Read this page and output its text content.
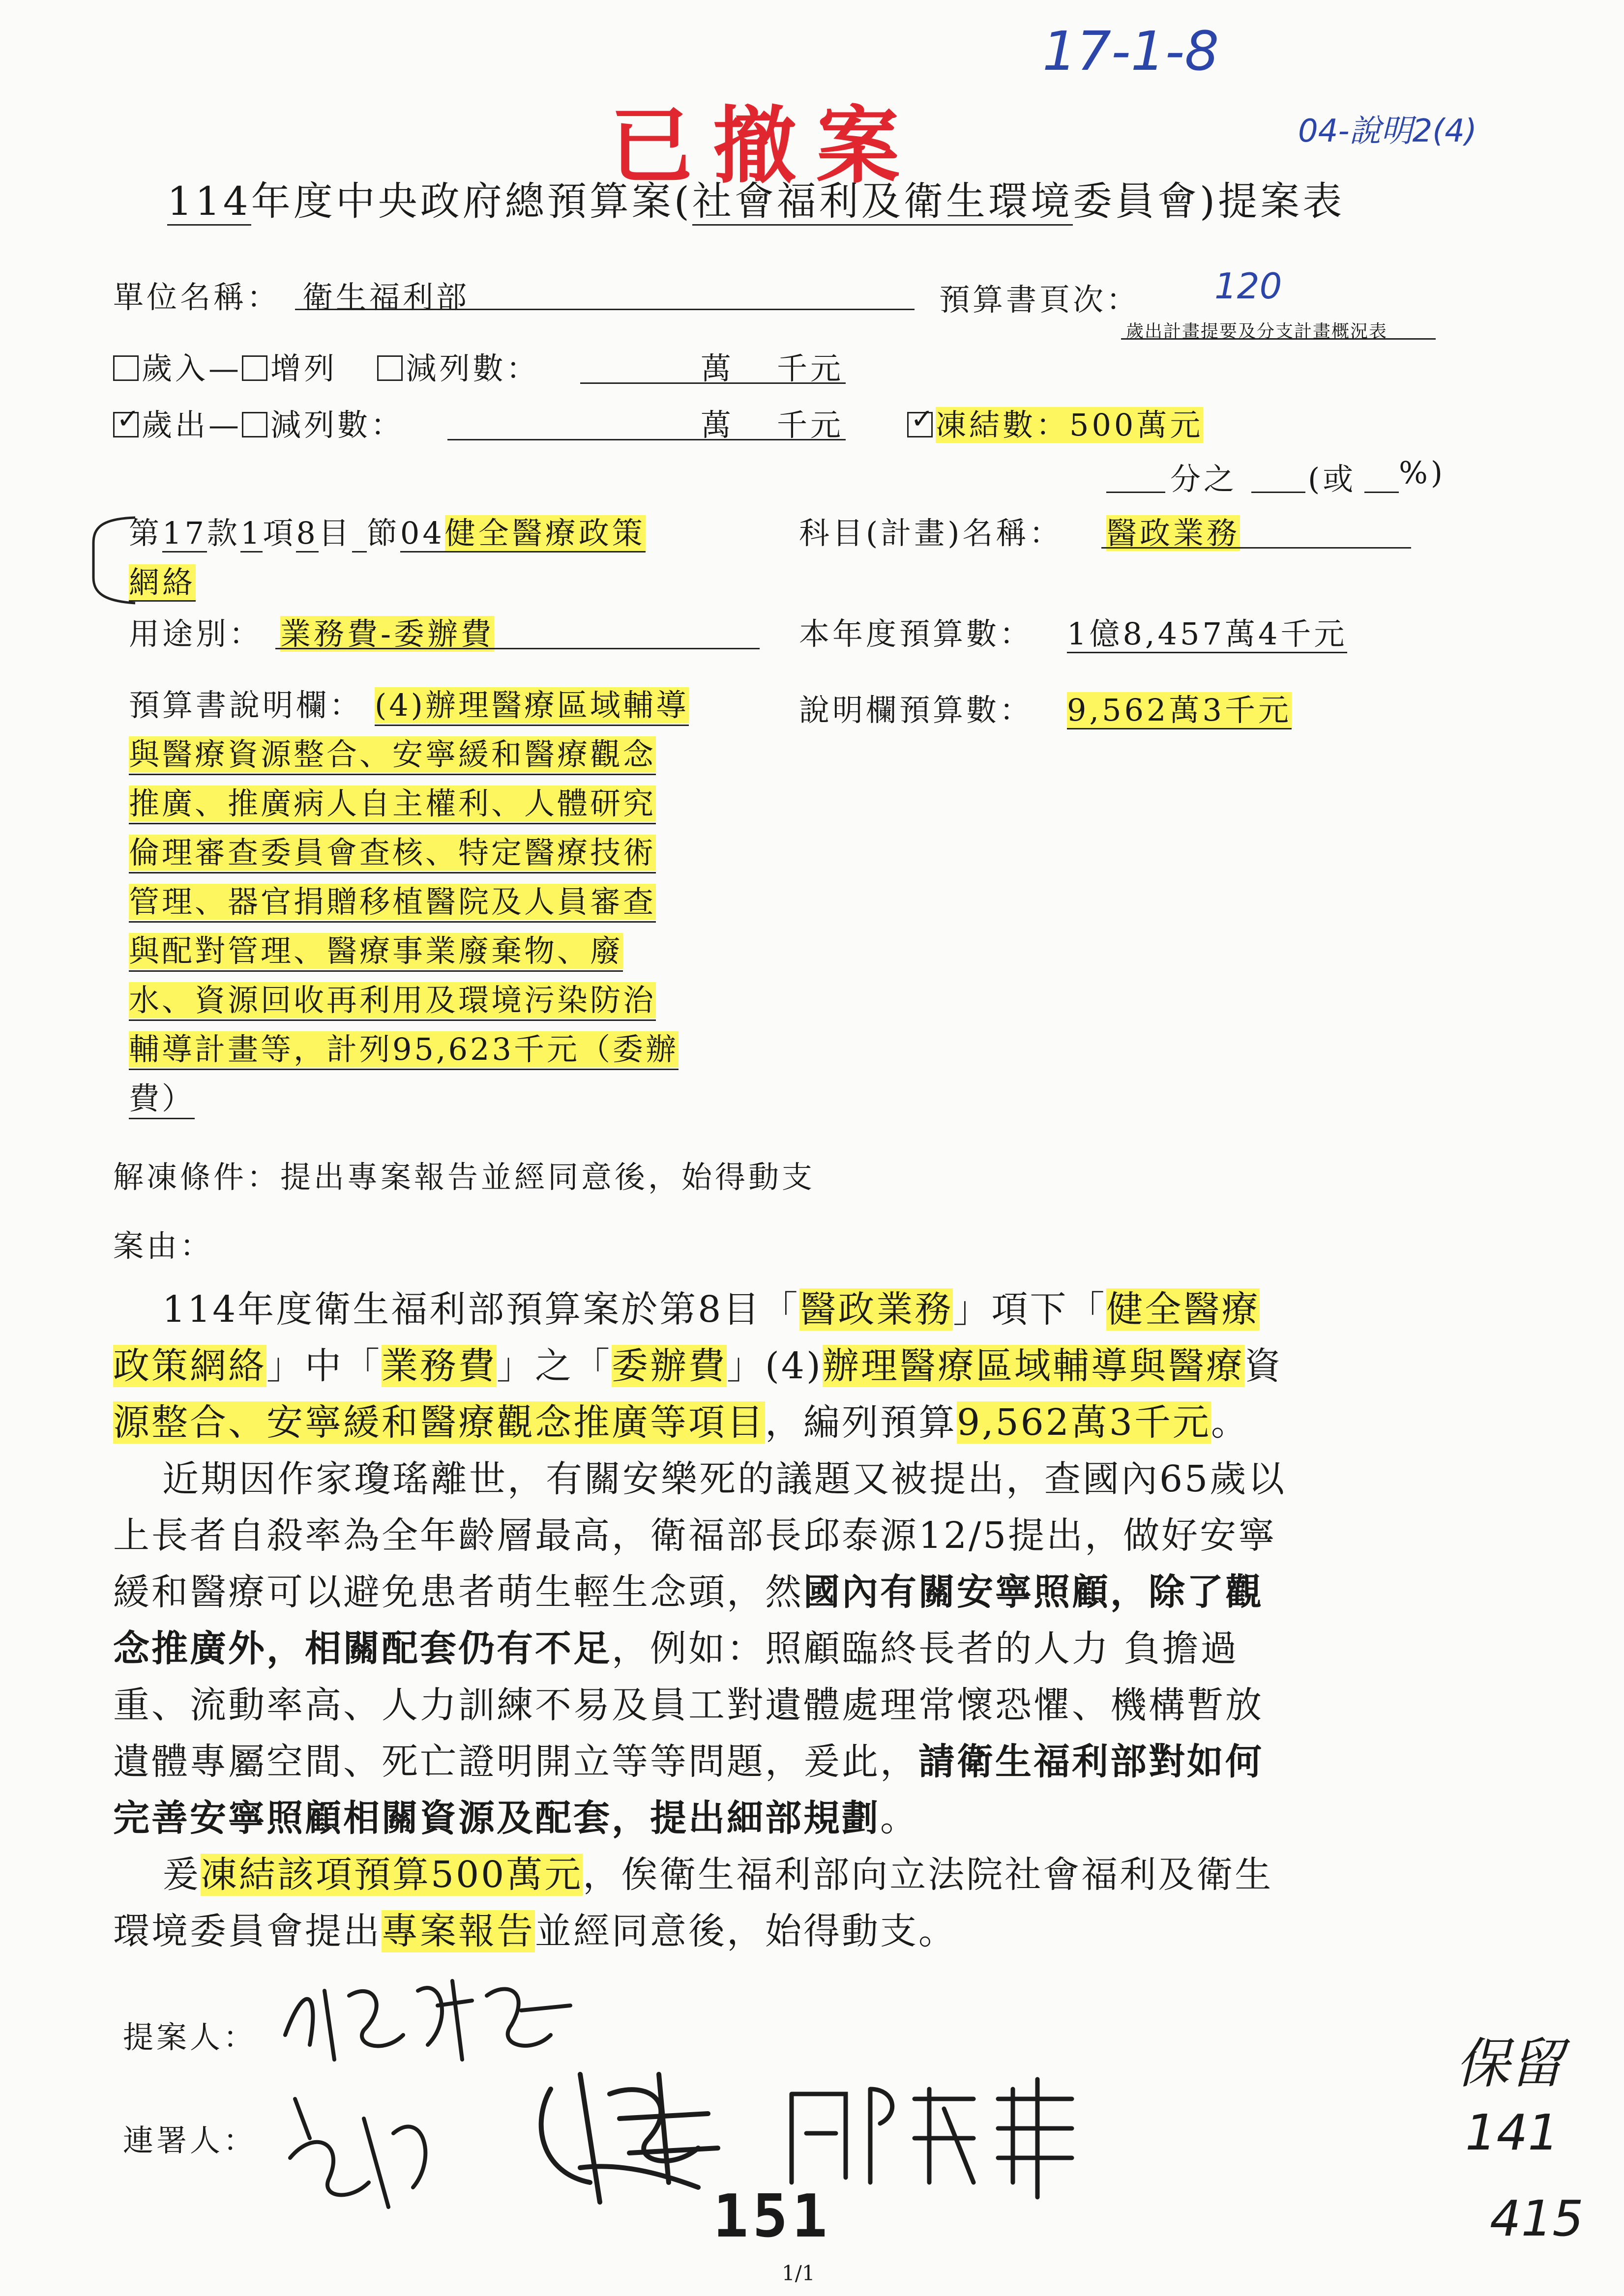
17-1-8
04-說明2(4)
已撤案
114年度中央政府總預算案(社會福利及衛生環境委員會)提案表
單位名稱： 衛生福利部	預算書頁次： 120
歲出計畫提要及分支計畫概況表
歲入— 增列 減列數：	萬 千元
✓歲出— 減列數：	萬 千元
✓	凍結數：500萬元
分之 (或 %)
第17款1項8目 節04健全醫療政策	科目(計畫)名稱： 醫政業務
網絡
用途別： 業務費-委辦費	本年度預算數： 1億8,457萬4千元
預算書說明欄： (4)辦理醫療區域輔導
與醫療資源整合、安寧緩和醫療觀念
推廣、推廣病人自主權利、人體研究
倫理審查委員會查核、特定醫療技術
管理、器官捐贈移植醫院及人員審查
與配對管理、醫療事業廢棄物、廢
水、資源回收再利用及環境污染防治
輔導計畫等，計列95,623千元（委辦
費）
說明欄預算數： 9,562萬3千元
解凍條件：提出專案報告並經同意後，始得動支
案由：
114年度衛生福利部預算案於第8目「醫政業務」項下「健全醫療
政策網絡」中「業務費」之「委辦費」(4)辦理醫療區域輔導與醫療資
源整合、安寧緩和醫療觀念推廣等項目，編列預算9,562萬3千元。
近期因作家瓊瑤離世，有關安樂死的議題又被提出，查國內65歲以
上長者自殺率為全年齡層最高，衛福部長邱泰源12/5提出，做好安寧
緩和醫療可以避免患者萌生輕生念頭，然國內有關安寧照顧，除了觀
念推廣外，相關配套仍有不足，例如：照顧臨終長者的人力 負擔過
重、流動率高、人力訓練不易及員工對遺體處理常懷恐懼、機構暫放
遺體專屬空間、死亡證明開立等等問題，爰此，請衛生福利部對如何
完善安寧照顧相關資源及配套，提出細部規劃。
爰凍結該項預算500萬元，俟衛生福利部向立法院社會福利及衛生
環境委員會提出專案報告並經同意後，始得動支。
提案人：
連署人：
保留
141
415
151
1/1
